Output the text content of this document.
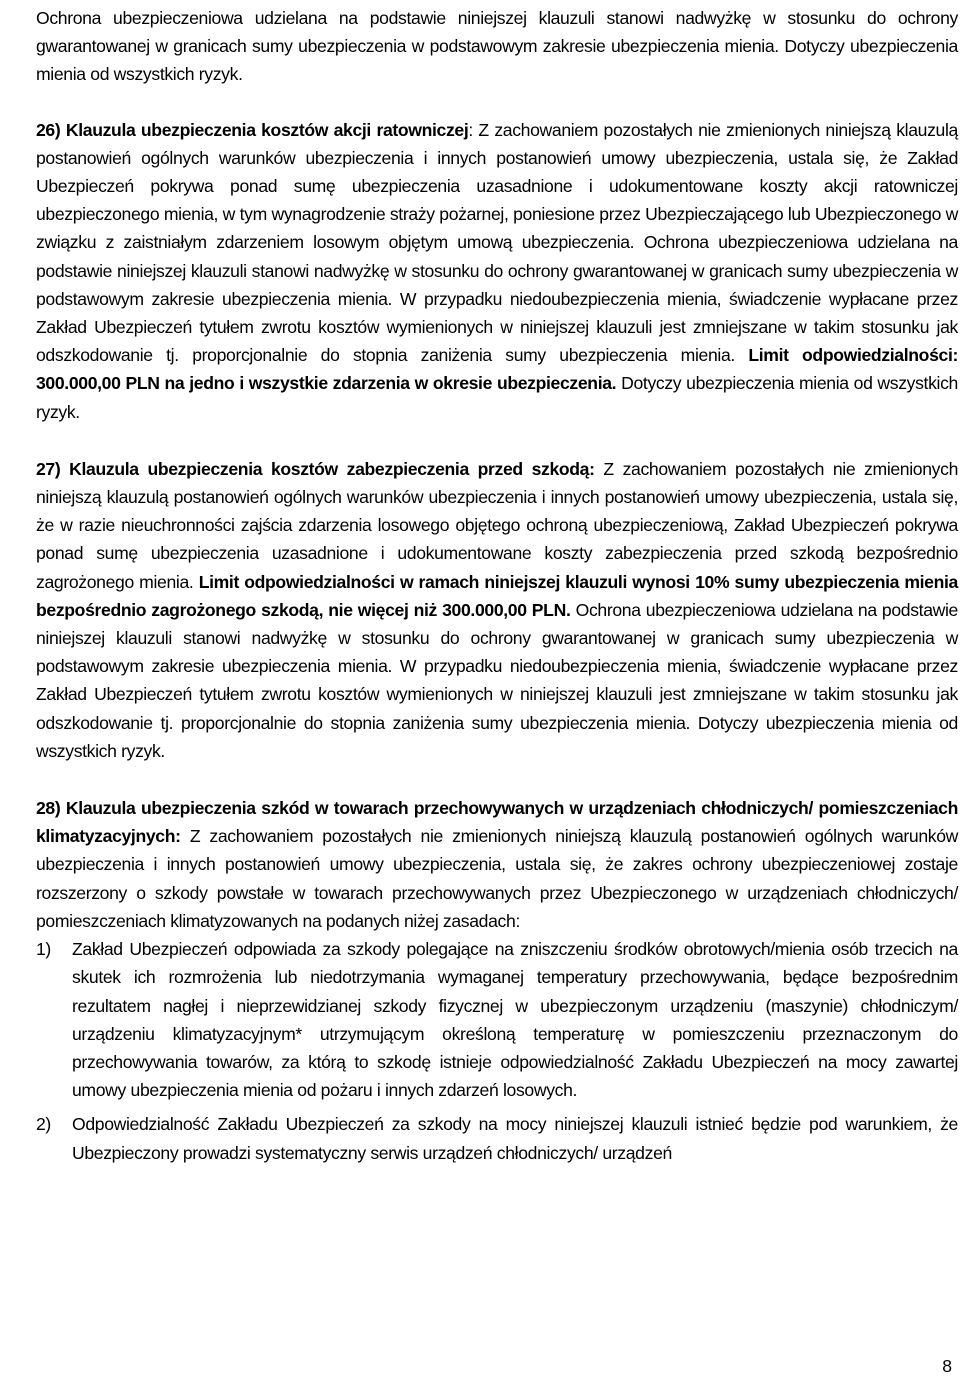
Ochrona ubezpieczeniowa udzielana na podstawie niniejszej klauzuli stanowi nadwyżkę w stosunku do ochrony gwarantowanej w granicach sumy ubezpieczenia w podstawowym zakresie ubezpieczenia mienia. Dotyczy ubezpieczenia mienia od wszystkich ryzyk.

26) Klauzula ubezpieczenia kosztów akcji ratowniczej: Z zachowaniem pozostałych nie zmienionych niniejszą klauzulą postanowień ogólnych warunków ubezpieczenia i innych postanowień umowy ubezpieczenia, ustala się, że Zakład Ubezpieczeń pokrywa ponad sumę ubezpieczenia uzasadnione i udokumentowane koszty akcji ratowniczej ubezpieczonego mienia, w tym wynagrodzenie straży pożarnej, poniesione przez Ubezpieczającego lub Ubezpieczonego w związku z zaistniałym zdarzeniem losowym objętym umową ubezpieczenia. Ochrona ubezpieczeniowa udzielana na podstawie niniejszej klauzuli stanowi nadwyżkę w stosunku do ochrony gwarantowanej w granicach sumy ubezpieczenia w podstawowym zakresie ubezpieczenia mienia. W przypadku niedoubezpieczenia mienia, świadczenie wypłacane przez Zakład Ubezpieczeń tytułem zwrotu kosztów wymienionych w niniejszej klauzuli jest zmniejszane w takim stosunku jak odszkodowanie tj. proporcjonalnie do stopnia zaniżenia sumy ubezpieczenia mienia. Limit odpowiedzialności: 300.000,00 PLN na jedno i wszystkie zdarzenia w okresie ubezpieczenia. Dotyczy ubezpieczenia mienia od wszystkich ryzyk.

27) Klauzula ubezpieczenia kosztów zabezpieczenia przed szkodą: Z zachowaniem pozostałych nie zmienionych niniejszą klauzulą postanowień ogólnych warunków ubezpieczenia i innych postanowień umowy ubezpieczenia, ustala się, że w razie nieuchronności zajścia zdarzenia losowego objętego ochroną ubezpieczeniową, Zakład Ubezpieczeń pokrywa ponad sumę ubezpieczenia uzasadnione i udokumentowane koszty zabezpieczenia przed szkodą bezpośrednio zagrożonego mienia. Limit odpowiedzialności w ramach niniejszej klauzuli wynosi 10% sumy ubezpieczenia mienia bezpośrednio zagrożonego szkodą, nie więcej niż 300.000,00 PLN. Ochrona ubezpieczeniowa udzielana na podstawie niniejszej klauzuli stanowi nadwyżkę w stosunku do ochrony gwarantowanej w granicach sumy ubezpieczenia w podstawowym zakresie ubezpieczenia mienia. W przypadku niedoubezpieczenia mienia, świadczenie wypłacane przez Zakład Ubezpieczeń tytułem zwrotu kosztów wymienionych w niniejszej klauzuli jest zmniejszane w takim stosunku jak odszkodowanie tj. proporcjonalnie do stopnia zaniżenia sumy ubezpieczenia mienia. Dotyczy ubezpieczenia mienia od wszystkich ryzyk.

28) Klauzula ubezpieczenia szkód w towarach przechowywanych w urządzeniach chłodniczych/ pomieszczeniach klimatyzacyjnych: Z zachowaniem pozostałych nie zmienionych niniejszą klauzulą postanowień ogólnych warunków ubezpieczenia i innych postanowień umowy ubezpieczenia, ustala się, że zakres ochrony ubezpieczeniowej zostaje rozszerzony o szkody powstałe w towarach przechowywanych przez Ubezpieczonego w urządzeniach chłodniczych/ pomieszczeniach klimatyzowanych na podanych niżej zasadach:

1) Zakład Ubezpieczeń odpowiada za szkody polegające na zniszczeniu środków obrotowych/mienia osób trzecich na skutek ich rozmrożenia lub niedotrzymania wymaganej temperatury przechowywania, będące bezpośrednim rezultatem nagłej i nieprzewidzianej szkody fizycznej w ubezpieczonym urządzeniu (maszynie) chłodniczym/ urządzeniu klimatyzacyjnym* utrzymującym określoną temperaturę w pomieszczeniu przeznaczonym do przechowywania towarów, za którą to szkodę istnieje odpowiedzialność Zakładu Ubezpieczeń na mocy zawartej umowy ubezpieczenia mienia od pożaru i innych zdarzeń losowych.
2) Odpowiedzialność Zakładu Ubezpieczeń za szkody na mocy niniejszej klauzuli istnieć będzie pod warunkiem, że Ubezpieczony prowadzi systematyczny serwis urządzeń chłodniczych/ urządzeń
8
